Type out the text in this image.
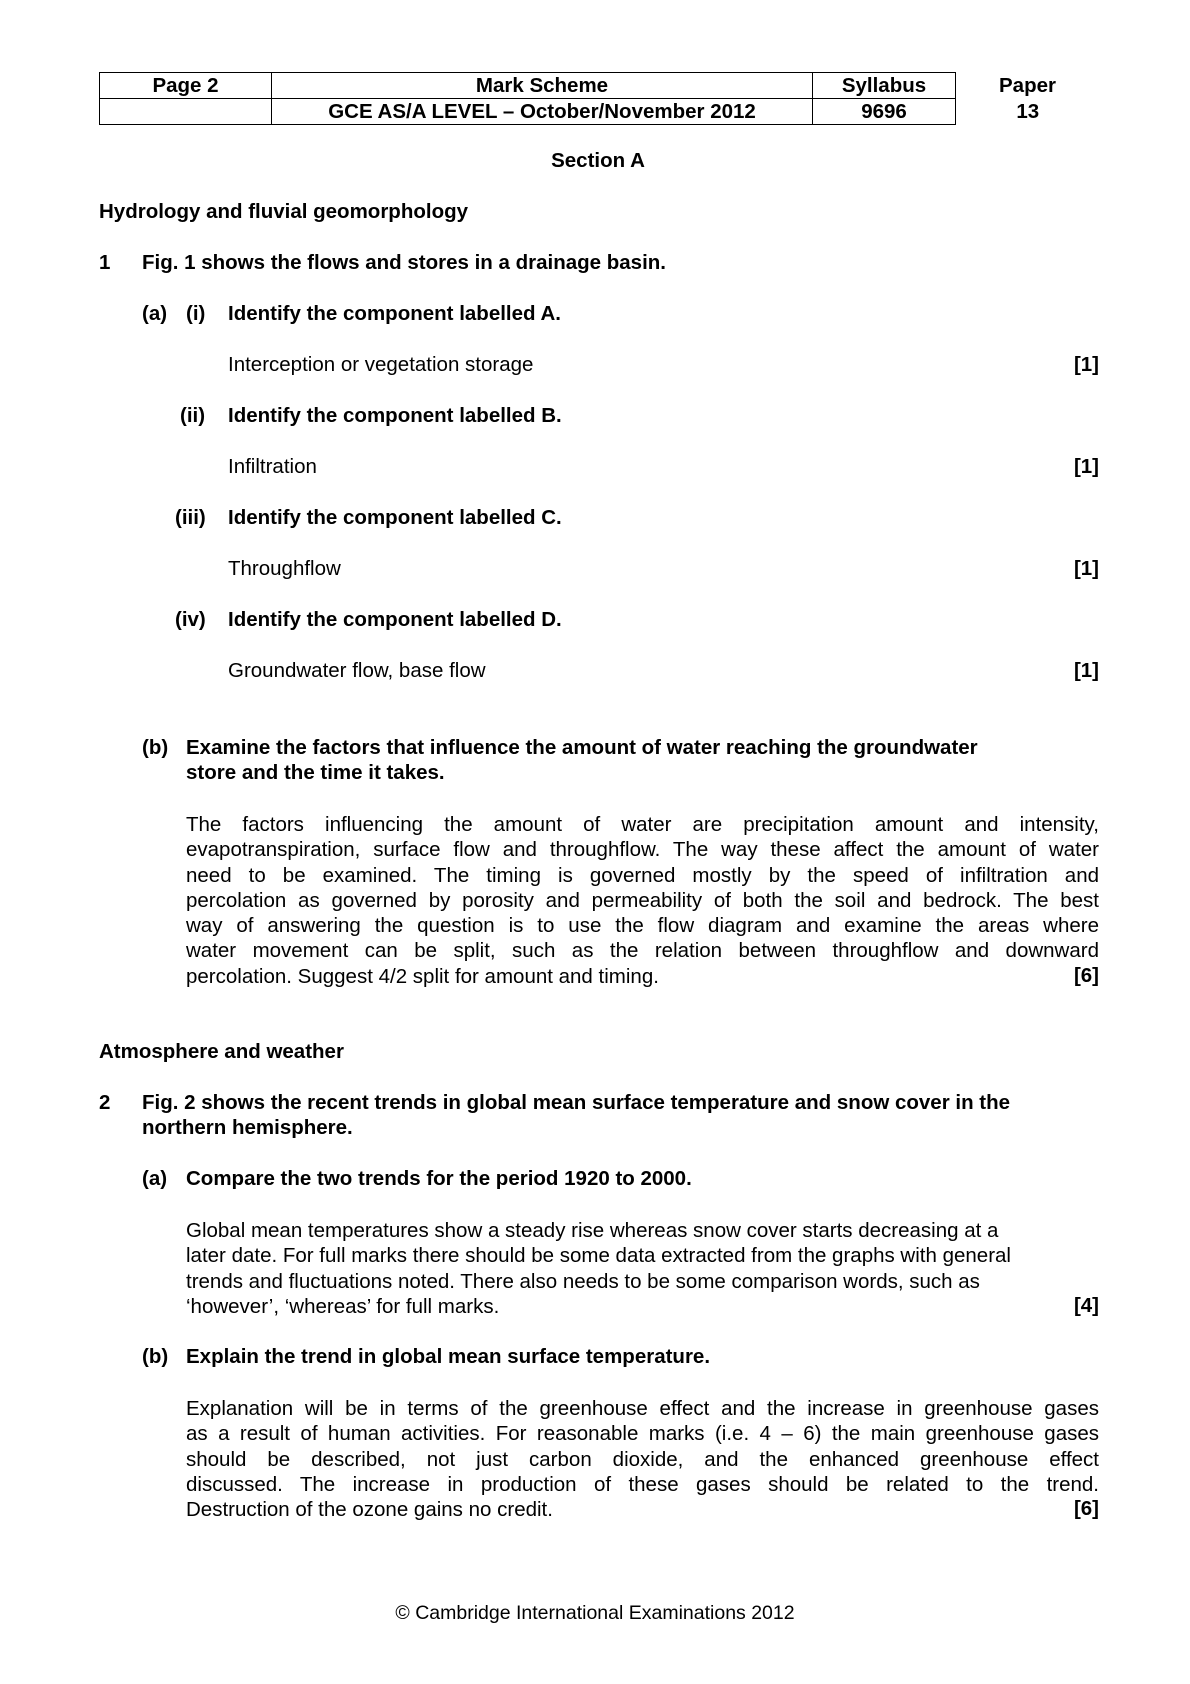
Page 2	Mark Scheme	Syllabus	Paper
	GCE AS/A LEVEL – October/November 2012	9696	13
Section A
Hydrology and fluvial geomorphology
1 Fig. 1 shows the flows and stores in a drainage basin.
(a) (i) Identify the component labelled A.
Interception or vegetation storage	[1]
(ii) Identify the component labelled B.
Infiltration	[1]
(iii) Identify the component labelled C.
Throughflow	[1]
(iv) Identify the component labelled D.
Groundwater flow, base flow	[1]
(b) Examine the factors that influence the amount of water reaching the groundwater
store and the time it takes.
The factors influencing the amount of water are precipitation amount and intensity,
evapotranspiration, surface flow and throughflow. The way these affect the amount of water
need to be examined. The timing is governed mostly by the speed of infiltration and
percolation as governed by porosity and permeability of both the soil and bedrock. The best
way of answering the question is to use the flow diagram and examine the areas where
water movement can be split, such as the relation between throughflow and downward
percolation. Suggest 4/2 split for amount and timing.	[6]
Atmosphere and weather
2 Fig. 2 shows the recent trends in global mean surface temperature and snow cover in the
northern hemisphere.
(a) Compare the two trends for the period 1920 to 2000.
Global mean temperatures show a steady rise whereas snow cover starts decreasing at a
later date. For full marks there should be some data extracted from the graphs with general
trends and fluctuations noted. There also needs to be some comparison words, such as
‘however’, ‘whereas’ for full marks.	[4]
(b) Explain the trend in global mean surface temperature.
Explanation will be in terms of the greenhouse effect and the increase in greenhouse gases
as a result of human activities. For reasonable marks (i.e. 4 – 6) the main greenhouse gases
should be described, not just carbon dioxide, and the enhanced greenhouse effect
discussed. The increase in production of these gases should be related to the trend.
Destruction of the ozone gains no credit.	[6]
© Cambridge International Examinations 2012
